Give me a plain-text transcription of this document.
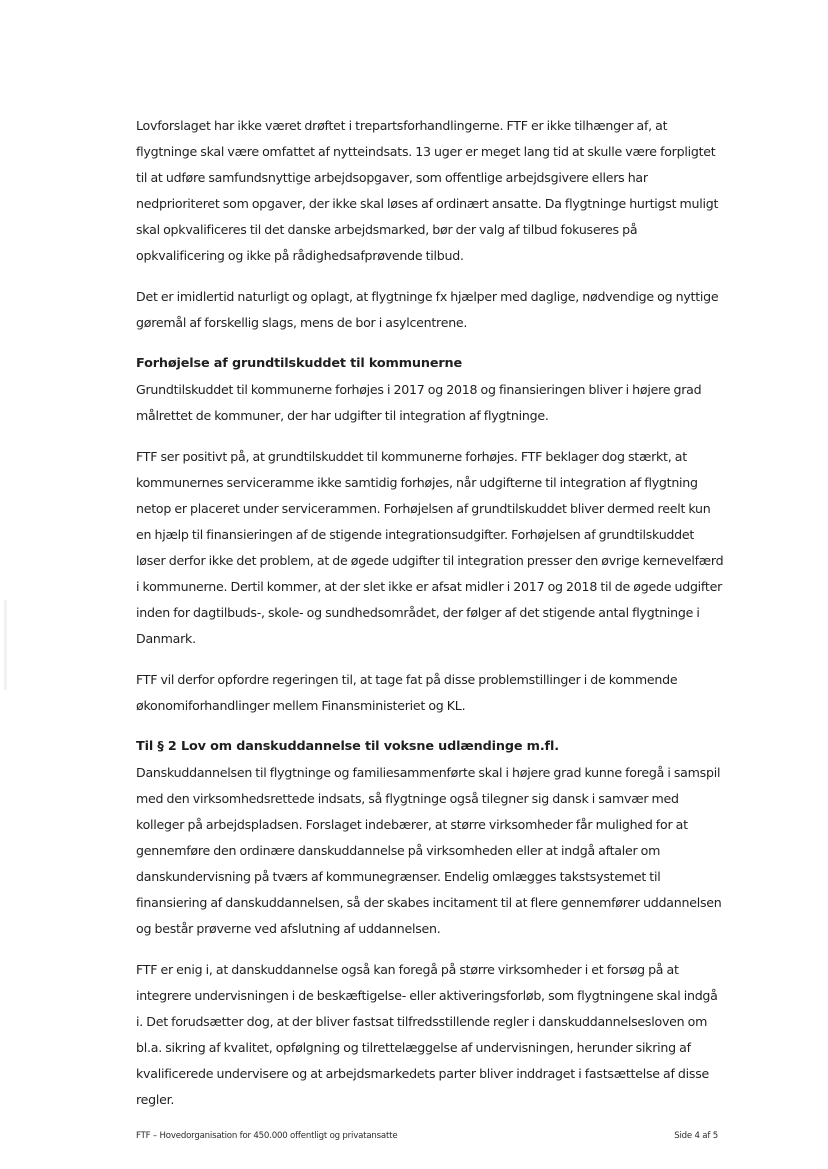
Lovforslaget har ikke været drøftet i trepartsforhandlingerne. FTF er ikke tilhænger af, at flygtninge skal være omfattet af nytteindsats. 13 uger er meget lang tid at skulle være forpligtet til at udføre samfundsnyttige arbejdsopgaver, som offentlige arbejdsgivere ellers har nedprioriteret som opgaver, der ikke skal løses af ordinært ansatte. Da flygtninge hurtigst muligt skal opkvalificeres til det danske arbejdsmarked, bør der valg af tilbud fokuseres på opkvalificering og ikke på rådighedsafprøvende tilbud.

Det er imidlertid naturligt og oplagt, at flygtninge fx hjælper med daglige, nødvendige og nyttige gøremål af forskellig slags, mens de bor i asylcentrene.

Forhøjelse af grundtilskuddet til kommunerne

Grundtilskuddet til kommunerne forhøjes i 2017 og 2018 og finansieringen bliver i højere grad målrettet de kommuner, der har udgifter til integration af flygtninge.

FTF ser positivt på, at grundtilskuddet til kommunerne forhøjes. FTF beklager dog stærkt, at kommunernes serviceramme ikke samtidig forhøjes, når udgifterne til integration af flygtning netop er placeret under servicerammen. Forhøjelsen af grundtilskuddet bliver dermed reelt kun en hjælp til finansieringen af de stigende integrationsudgifter. Forhøjelsen af grundtilskuddet løser derfor ikke det problem, at de øgede udgifter til integration presser den øvrige kernevelfærd i kommunerne. Dertil kommer, at der slet ikke er afsat midler i 2017 og 2018 til de øgede udgifter inden for dagtilbuds-, skole- og sundhedsområdet, der følger af det stigende antal flygtninge i Danmark.

FTF vil derfor opfordre regeringen til, at tage fat på disse problemstillinger i de kommende økonomiforhandlinger mellem Finansministeriet og KL.

Til § 2 Lov om danskuddannelse til voksne udlændinge m.fl.

Danskuddannelsen til flygtninge og familiesammenførte skal i højere grad kunne foregå i samspil med den virksomhedsrettede indsats, så flygtninge også tilegner sig dansk i samvær med kolleger på arbejdspladsen. Forslaget indebærer, at større virksomheder får mulighed for at gennemføre den ordinære danskuddannelse på virksomheden eller at indgå aftaler om danskundervisning på tværs af kommunegrænser. Endelig omlægges takstsystemet til finansiering af danskuddannelsen, så der skabes incitament til at flere gennemfører uddannelsen og består prøverne ved afslutning af uddannelsen.

FTF er enig i, at danskuddannelse også kan foregå på større virksomheder i et forsøg på at integrere undervisningen i de beskæftigelse- eller aktiveringsforløb, som flygtningene skal indgå i. Det forudsætter dog, at der bliver fastsat tilfredsstillende regler i danskuddannelsesloven om bl.a. sikring af kvalitet, opfølgning og tilrettelæggelse af undervisningen, herunder sikring af kvalificerede undervisere og at arbejdsmarkedets parter bliver inddraget i fastsættelse af disse regler.

FTF – Hovedorganisation for 450.000 offentligt og privatansatte	Side 4 af 5
